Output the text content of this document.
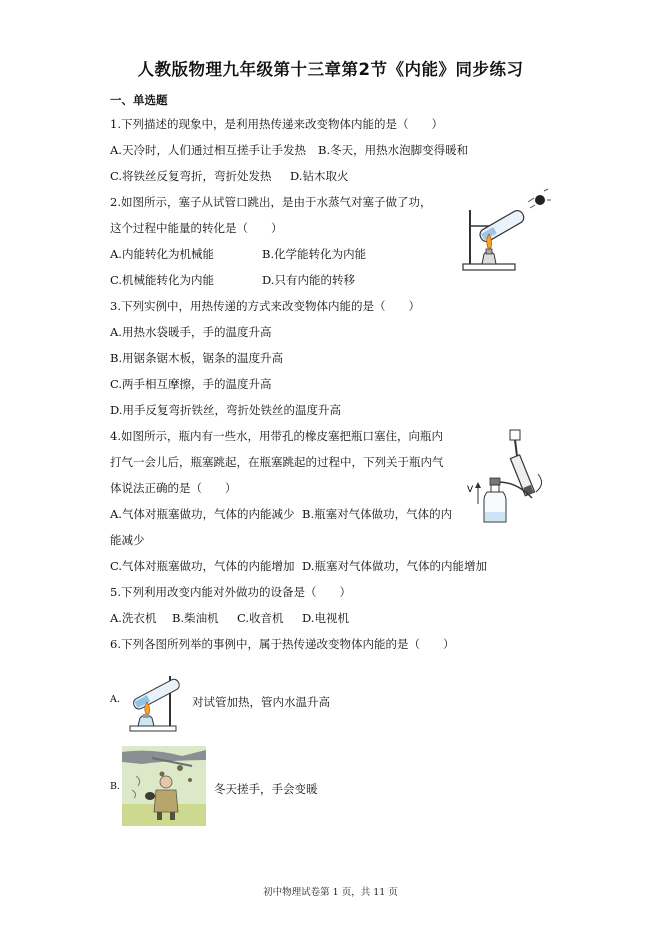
人教版物理九年级第十三章第2节《内能》同步练习
一、单选题
1.下列描述的现象中，是利用热传递来改变物体内能的是（　　）
A.天冷时，人们通过相互搓手让手发热 B.冬天，用热水泡脚变得暖和
C.将铁丝反复弯折，弯折处发热 D.钻木取火
2.如图所示，塞子从试管口跳出，是由于水蒸气对塞子做了功，
这个过程中能量的转化是（　　）
A.内能转化为机械能	B.化学能转化为内能
C.机械能转化为内能	D.只有内能的转移
3.下列实例中，用热传递的方式来改变物体内能的是（　　）
A.用热水袋暖手，手的温度升高
B.用锯条锯木板，锯条的温度升高
C.两手相互摩擦，手的温度升高
D.用手反复弯折铁丝，弯折处铁丝的温度升高
4.如图所示，瓶内有一些水，用带孔的橡皮塞把瓶口塞住，向瓶内
打气一会儿后，瓶塞跳起，在瓶塞跳起的过程中，下列关于瓶内气
体说法正确的是（　　）
A.气体对瓶塞做功，气体的内能减少 B.瓶塞对气体做功，气体的内
能减少
C.气体对瓶塞做功，气体的内能增加 D.瓶塞对气体做功，气体的内能增加
V
5.下列利用改变内能对外做功的设备是（　　）
A.洗衣机 B.柴油机 C.收音机 D.电视机
6.下列各图所列举的事例中，属于热传递改变物体内能的是（　　）
A.	对试管加热，管内水温升高
B.	冬天搓手，手会变暖
初中物理试卷第 1 页，共 11 页
